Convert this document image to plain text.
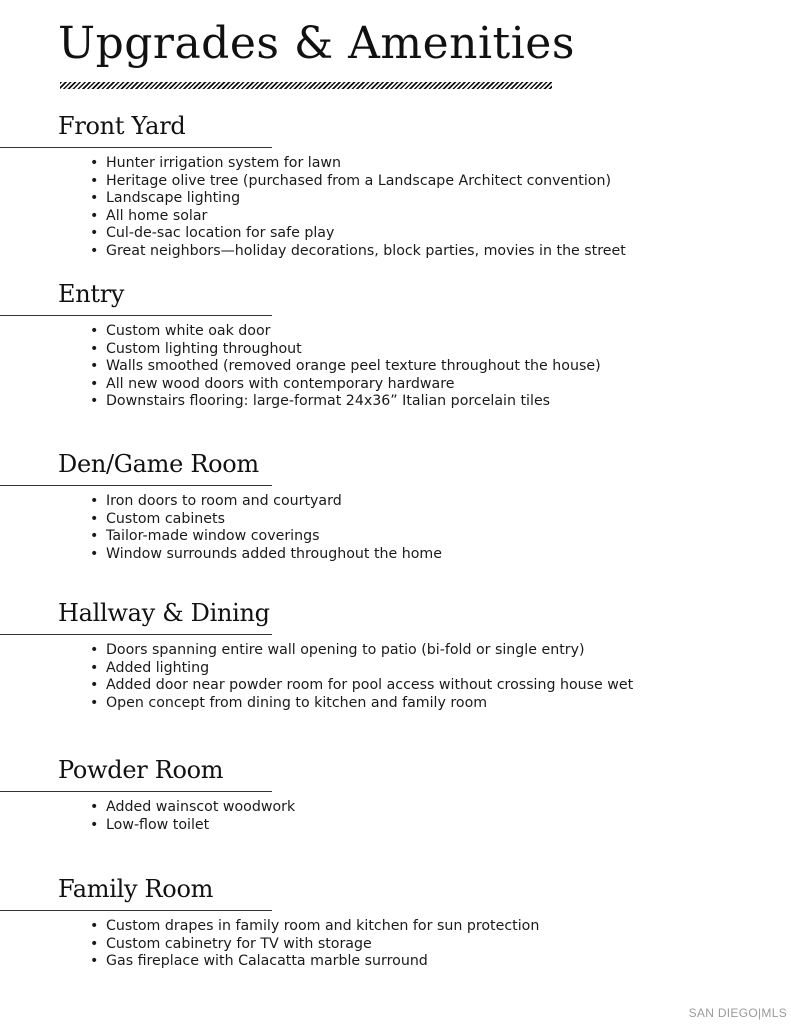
Upgrades & Amenities
Front Yard
• Hunter irrigation system for lawn
• Heritage olive tree (purchased from a Landscape Architect convention)
• Landscape lighting
• All home solar
• Cul-de-sac location for safe play
• Great neighbors—holiday decorations, block parties, movies in the street
Entry
• Custom white oak door
• Custom lighting throughout
• Walls smoothed (removed orange peel texture throughout the house)
• All new wood doors with contemporary hardware
• Downstairs flooring: large-format 24x36” Italian porcelain tiles
Den/Game Room
• Iron doors to room and courtyard
• Custom cabinets
• Tailor-made window coverings
• Window surrounds added throughout the home
Hallway & Dining
• Doors spanning entire wall opening to patio (bi-fold or single entry)
• Added lighting
• Added door near powder room for pool access without crossing house wet
• Open concept from dining to kitchen and family room
Powder Room
• Added wainscot woodwork
• Low-flow toilet
Family Room
• Custom drapes in family room and kitchen for sun protection
• Custom cabinetry for TV with storage
• Gas fireplace with Calacatta marble surround
SAN DIEGO|MLS
